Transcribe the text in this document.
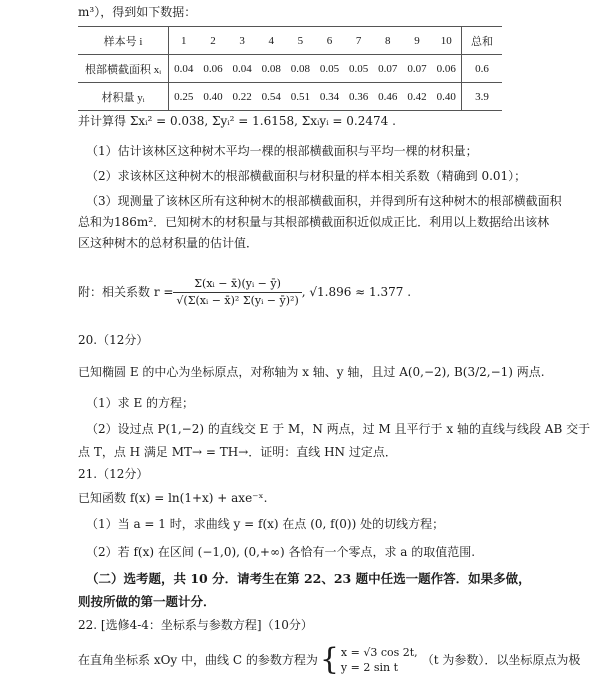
m³），得到如下数据：
样本号 i	1	2	3	4	5	6	7	8	9	10	总和
根部横截面积 xᵢ	0.04	0.06	0.04	0.08	0.08	0.05	0.05	0.07	0.07	0.06	0.6
材积量 yᵢ	0.25	0.40	0.22	0.54	0.51	0.34	0.36	0.46	0.42	0.40	3.9
并计算得 Σxᵢ² = 0.038, Σyᵢ² = 1.6158, Σxᵢyᵢ = 0.2474 .
（1）估计该林区这种树木平均一棵的根部横截面积与平均一棵的材积量；
（2）求该林区这种树木的根部横截面积与材积量的样本相关系数（精确到 0.01）；
（3）现测量了该林区所有这种树木的根部横截面积，并得到所有这种树木的根部横截面积
总和为186m²．已知树木的材积量与其根部横截面积近似成正比．利用以上数据给出该林
区这种树木的总材积量的估计值．
附：相关系数 $r = \frac{\text{Σ(xᵢ − x̄)(yᵢ − ȳ)}}{\text{√(Σ(xᵢ − x̄)² Σ(yᵢ − ȳ)²)}}$ , √1.896 ≈ 1.377 .
20.（12分）
已知椭圆 E 的中心为坐标原点，对称轴为 x 轴、y 轴，且过 A(0,−2), B(3/2,−1) 两点.
（1）求 E 的方程；
（2）设过点 P(1,−2) 的直线交 E 于 M，N 两点，过 M 且平行于 x 轴的直线与线段 AB 交于
点 T，点 H 满足 MT→ = TH→．证明：直线 HN 过定点．
21.（12分）
已知函数 f(x) = ln(1+x) + axe⁻ˣ.
（1）当 a = 1 时，求曲线 y = f(x) 在点 (0, f(0)) 处的切线方程；
（2）若 f(x) 在区间 (−1,0), (0,+∞) 各恰有一个零点，求 a 的取值范围.
（二）选考题，共 10 分．请考生在第 22、23 题中任选一题作答．如果多做，
则按所做的第一题计分．
22. [选修4-4：坐标系与参数方程]（10分）
在直角坐标系 xOy 中，曲线 C 的参数方程为 { x = √3 cos 2t,
y = 2 sin t
（t 为参数）．以坐标原点为极
